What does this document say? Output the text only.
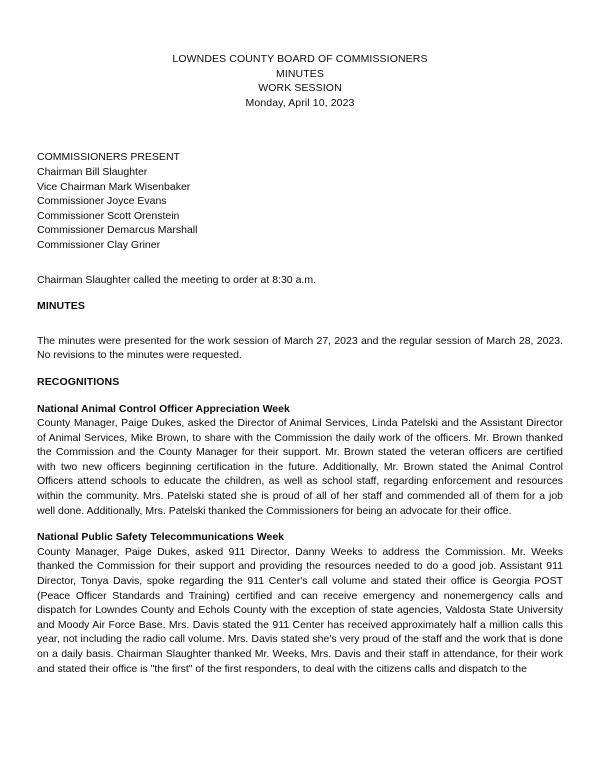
LOWNDES COUNTY BOARD OF COMMISSIONERS
MINUTES
WORK SESSION
Monday, April 10, 2023
COMMISSIONERS PRESENT
Chairman Bill Slaughter
Vice Chairman Mark Wisenbaker
Commissioner Joyce Evans
Commissioner Scott Orenstein
Commissioner Demarcus Marshall
Commissioner Clay Griner
Chairman Slaughter called the meeting to order at 8:30 a.m.
MINUTES

The minutes were presented for the work session of March 27, 2023 and the regular session of March 28, 2023. No revisions to the minutes were requested.

RECOGNITIONS
National Animal Control Officer Appreciation Week

County Manager, Paige Dukes, asked the Director of Animal Services, Linda Patelski and the Assistant Director of Animal Services, Mike Brown, to share with the Commission the daily work of the officers. Mr. Brown thanked the Commission and the County Manager for their support. Mr. Brown stated the veteran officers are certified with two new officers beginning certification in the future. Additionally, Mr. Brown stated the Animal Control Officers attend schools to educate the children, as well as school staff, regarding enforcement and resources within the community. Mrs. Patelski stated she is proud of all of her staff and commended all of them for a job well done. Additionally, Mrs. Patelski thanked the Commissioners for being an advocate for their office.

National Public Safety Telecommunications Week

County Manager, Paige Dukes, asked 911 Director, Danny Weeks to address the Commission. Mr. Weeks thanked the Commission for their support and providing the resources needed to do a good job. Assistant 911 Director, Tonya Davis, spoke regarding the 911 Center's call volume and stated their office is Georgia POST (Peace Officer Standards and Training) certified and can receive emergency and nonemergency calls and dispatch for Lowndes County and Echols County with the exception of state agencies, Valdosta State University and Moody Air Force Base. Mrs. Davis stated the 911 Center has received approximately half a million calls this year, not including the radio call volume. Mrs. Davis stated she's very proud of the staff and the work that is done on a daily basis. Chairman Slaughter thanked Mr. Weeks, Mrs. Davis and their staff in attendance, for their work and stated their office is "the first" of the first responders, to deal with the citizens calls and dispatch to the
